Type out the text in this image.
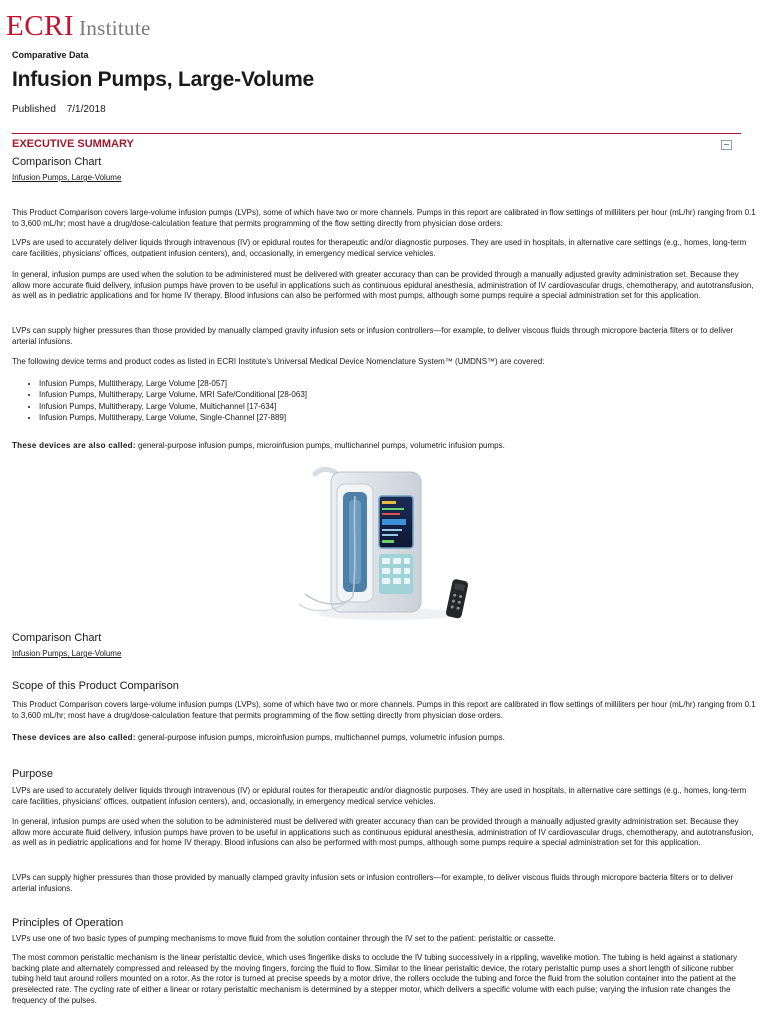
ECRI Institute
Comparative Data
Infusion Pumps, Large-Volume
Published 7/1/2018
EXECUTIVE SUMMARY
Comparison Chart
Infusion Pumps, Large-Volume

This Product Comparison covers large-volume infusion pumps (LVPs), some of which have two or more channels. Pumps in this report are calibrated in flow settings of milliliters per hour (mL/hr) ranging from 0.1 to 3,600 mL/hr; most have a drug/dose-calculation feature that permits programming of the flow setting directly from physician dose orders.

LVPs are used to accurately deliver liquids through intravenous (IV) or epidural routes for therapeutic and/or diagnostic purposes. They are used in hospitals, in alternative care settings (e.g., homes, long-term care facilities, physicians' offices, outpatient infusion centers), and, occasionally, in emergency medical service vehicles.

In general, infusion pumps are used when the solution to be administered must be delivered with greater accuracy than can be provided through a manually adjusted gravity administration set. Because they allow more accurate fluid delivery, infusion pumps have proven to be useful in applications such as continuous epidural anesthesia, administration of IV cardiovascular drugs, chemotherapy, and autotransfusion, as well as in pediatric applications and for home IV therapy. Blood infusions can also be performed with most pumps, although some pumps require a special administration set for this application.

LVPs can supply higher pressures than those provided by manually clamped gravity infusion sets or infusion controllers—for example, to deliver viscous fluids through micropore bacteria filters or to deliver arterial infusions.

The following device terms and product codes as listed in ECRI Institute's Universal Medical Device Nomenclature System™ (UMDNS™) are covered:

• Infusion Pumps, Multitherapy, Large Volume [28-057]
• Infusion Pumps, Multitherapy, Large Volume, MRI Safe/Conditional [28-063]
• Infusion Pumps, Multitherapy, Large Volume, Multichannel [17-634]
• Infusion Pumps, Multitherapy, Large Volume, Single-Channel [27-889]

These devices are also called: general-purpose infusion pumps, microinfusion pumps, multichannel pumps, volumetric infusion pumps.

Comparison Chart
Infusion Pumps, Large-Volume
Scope of this Product Comparison

This Product Comparison covers large-volume infusion pumps (LVPs), some of which have two or more channels. Pumps in this report are calibrated in flow settings of milliliters per hour (mL/hr) ranging from 0.1 to 3,600 mL/hr; most have a drug/dose-calculation feature that permits programming of the flow setting directly from physician dose orders.

These devices are also called: general-purpose infusion pumps, microinfusion pumps, multichannel pumps, volumetric infusion pumps.

Purpose

LVPs are used to accurately deliver liquids through intravenous (IV) or epidural routes for therapeutic and/or diagnostic purposes. They are used in hospitals, in alternative care settings (e.g., homes, long-term care facilities, physicians' offices, outpatient infusion centers), and, occasionally, in emergency medical service vehicles.

In general, infusion pumps are used when the solution to be administered must be delivered with greater accuracy than can be provided through a manually adjusted gravity administration set. Because they allow more accurate fluid delivery, infusion pumps have proven to be useful in applications such as continuous epidural anesthesia, administration of IV cardiovascular drugs, chemotherapy, and autotransfusion, as well as in pediatric applications and for home IV therapy. Blood infusions can also be performed with most pumps, although some pumps require a special administration set for this application.

LVPs can supply higher pressures than those provided by manually clamped gravity infusion sets or infusion controllers—for example, to deliver viscous fluids through micropore bacteria filters or to deliver arterial infusions.

Principles of Operation

LVPs use one of two basic types of pumping mechanisms to move fluid from the solution container through the IV set to the patient: peristaltic or cassette.

The most common peristaltic mechanism is the linear peristaltic device, which uses fingerlike disks to occlude the IV tubing successively in a rippling, wavelike motion. The tubing is held against a stationary backing plate and alternately compressed and released by the moving fingers, forcing the fluid to flow. Similar to the linear peristaltic device, the rotary peristaltic pump uses a short length of silicone rubber tubing held taut around rollers mounted on a rotor. As the rotor is turned at precise speeds by a motor drive, the rollers occlude the tubing and force the fluid from the solution container into the patient at the preselected rate. The cycling rate of either a linear or rotary peristaltic mechanism is determined by a stepper motor, which delivers a specific volume with each pulse; varying the infusion rate changes the frequency of the pulses.
